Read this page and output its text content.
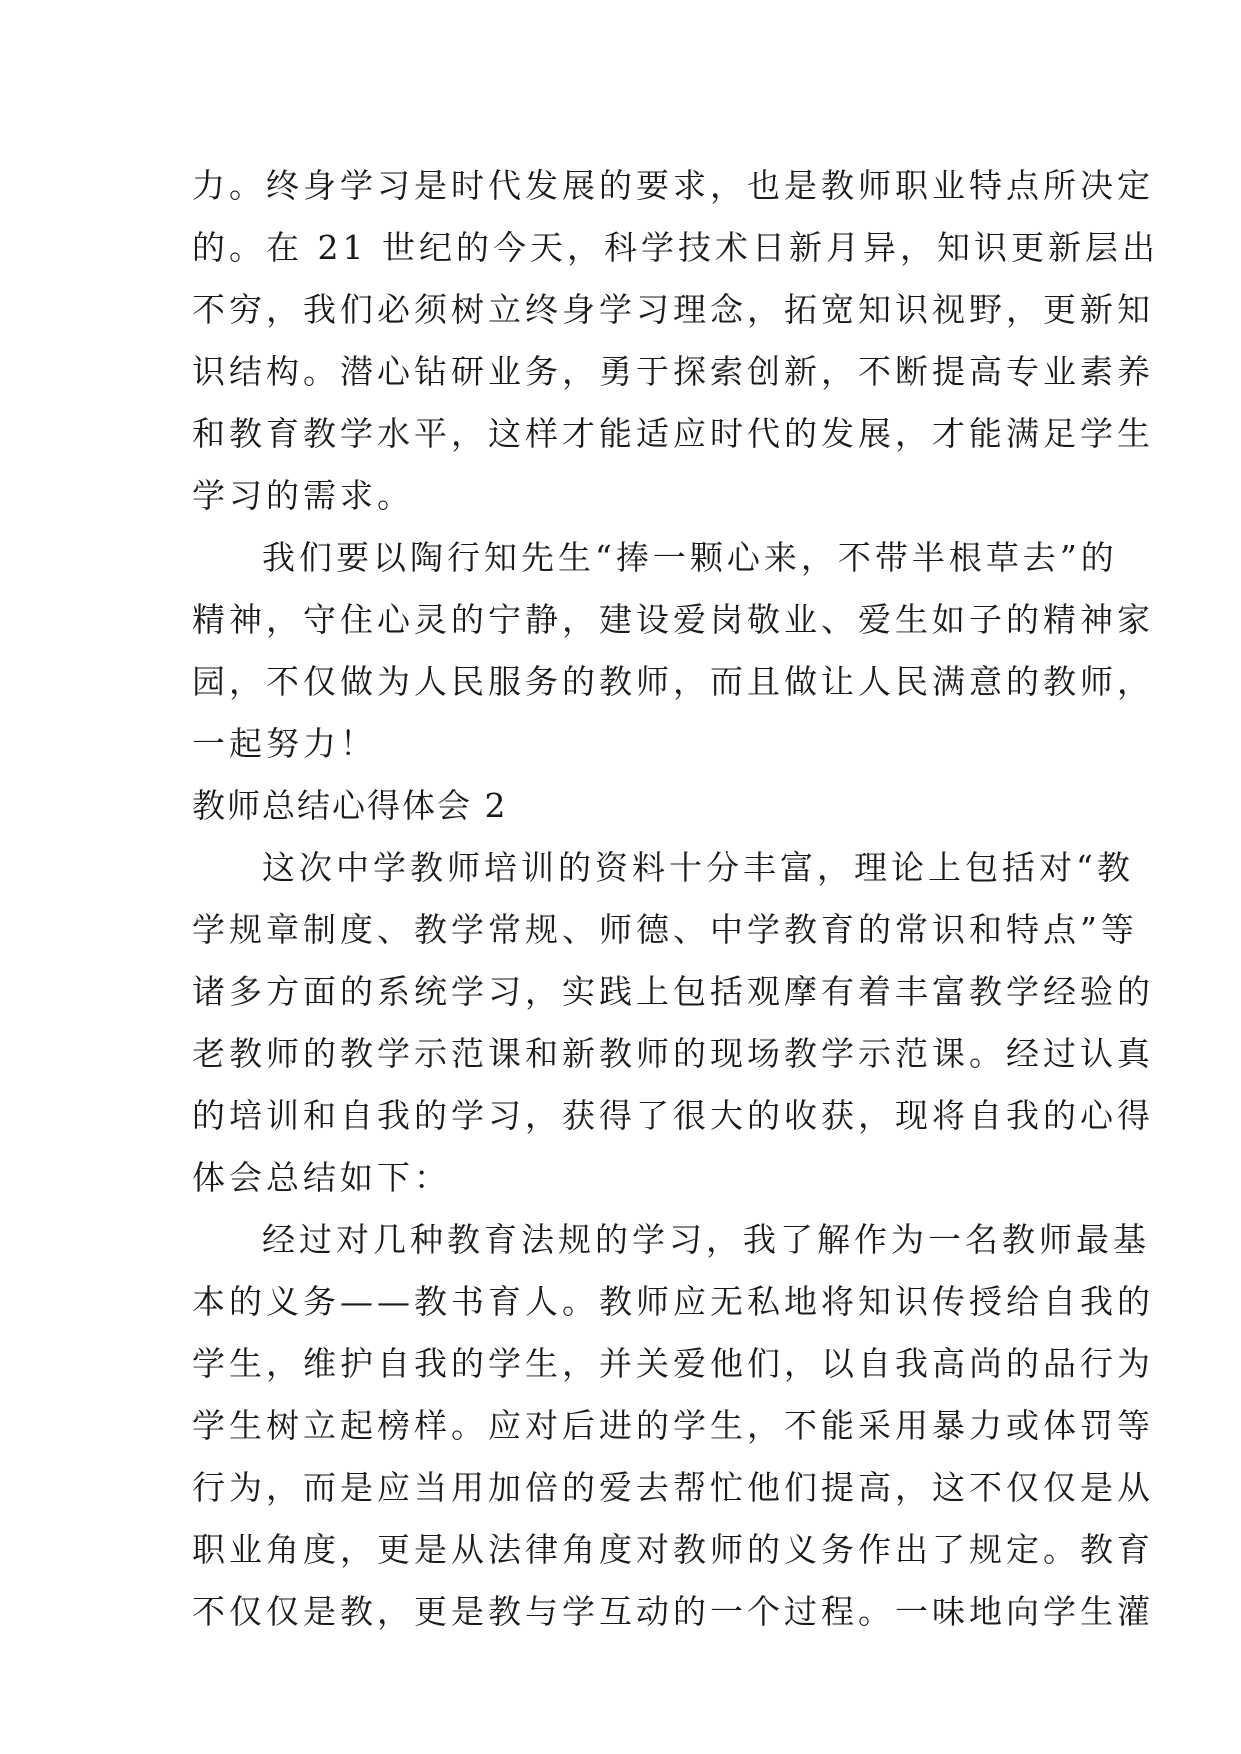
力。终身学习是时代发展的要求，也是教师职业特点所决定
的。在 21 世纪的今天，科学技术日新月异，知识更新层出
不穷，我们必须树立终身学习理念，拓宽知识视野，更新知
识结构。潜心钻研业务，勇于探索创新，不断提高专业素养
和教育教学水平，这样才能适应时代的发展，才能满足学生
学习的需求。
我们要以陶行知先生“捧一颗心来，不带半根草去”的
精神，守住心灵的宁静，建设爱岗敬业、爱生如子的精神家
园，不仅做为人民服务的教师，而且做让人民满意的教师，
一起努力！
教师总结心得体会 2
这次中学教师培训的资料十分丰富，理论上包括对“教
学规章制度、教学常规、师德、中学教育的常识和特点”等
诸多方面的系统学习，实践上包括观摩有着丰富教学经验的
老教师的教学示范课和新教师的现场教学示范课。经过认真
的培训和自我的学习，获得了很大的收获，现将自我的心得
体会总结如下：
经过对几种教育法规的学习，我了解作为一名教师最基
本的义务——教书育人。教师应无私地将知识传授给自我的
学生，维护自我的学生，并关爱他们，以自我高尚的品行为
学生树立起榜样。应对后进的学生，不能采用暴力或体罚等
行为，而是应当用加倍的爱去帮忙他们提高，这不仅仅是从
职业角度，更是从法律角度对教师的义务作出了规定。教育
不仅仅是教，更是教与学互动的一个过程。一味地向学生灌
